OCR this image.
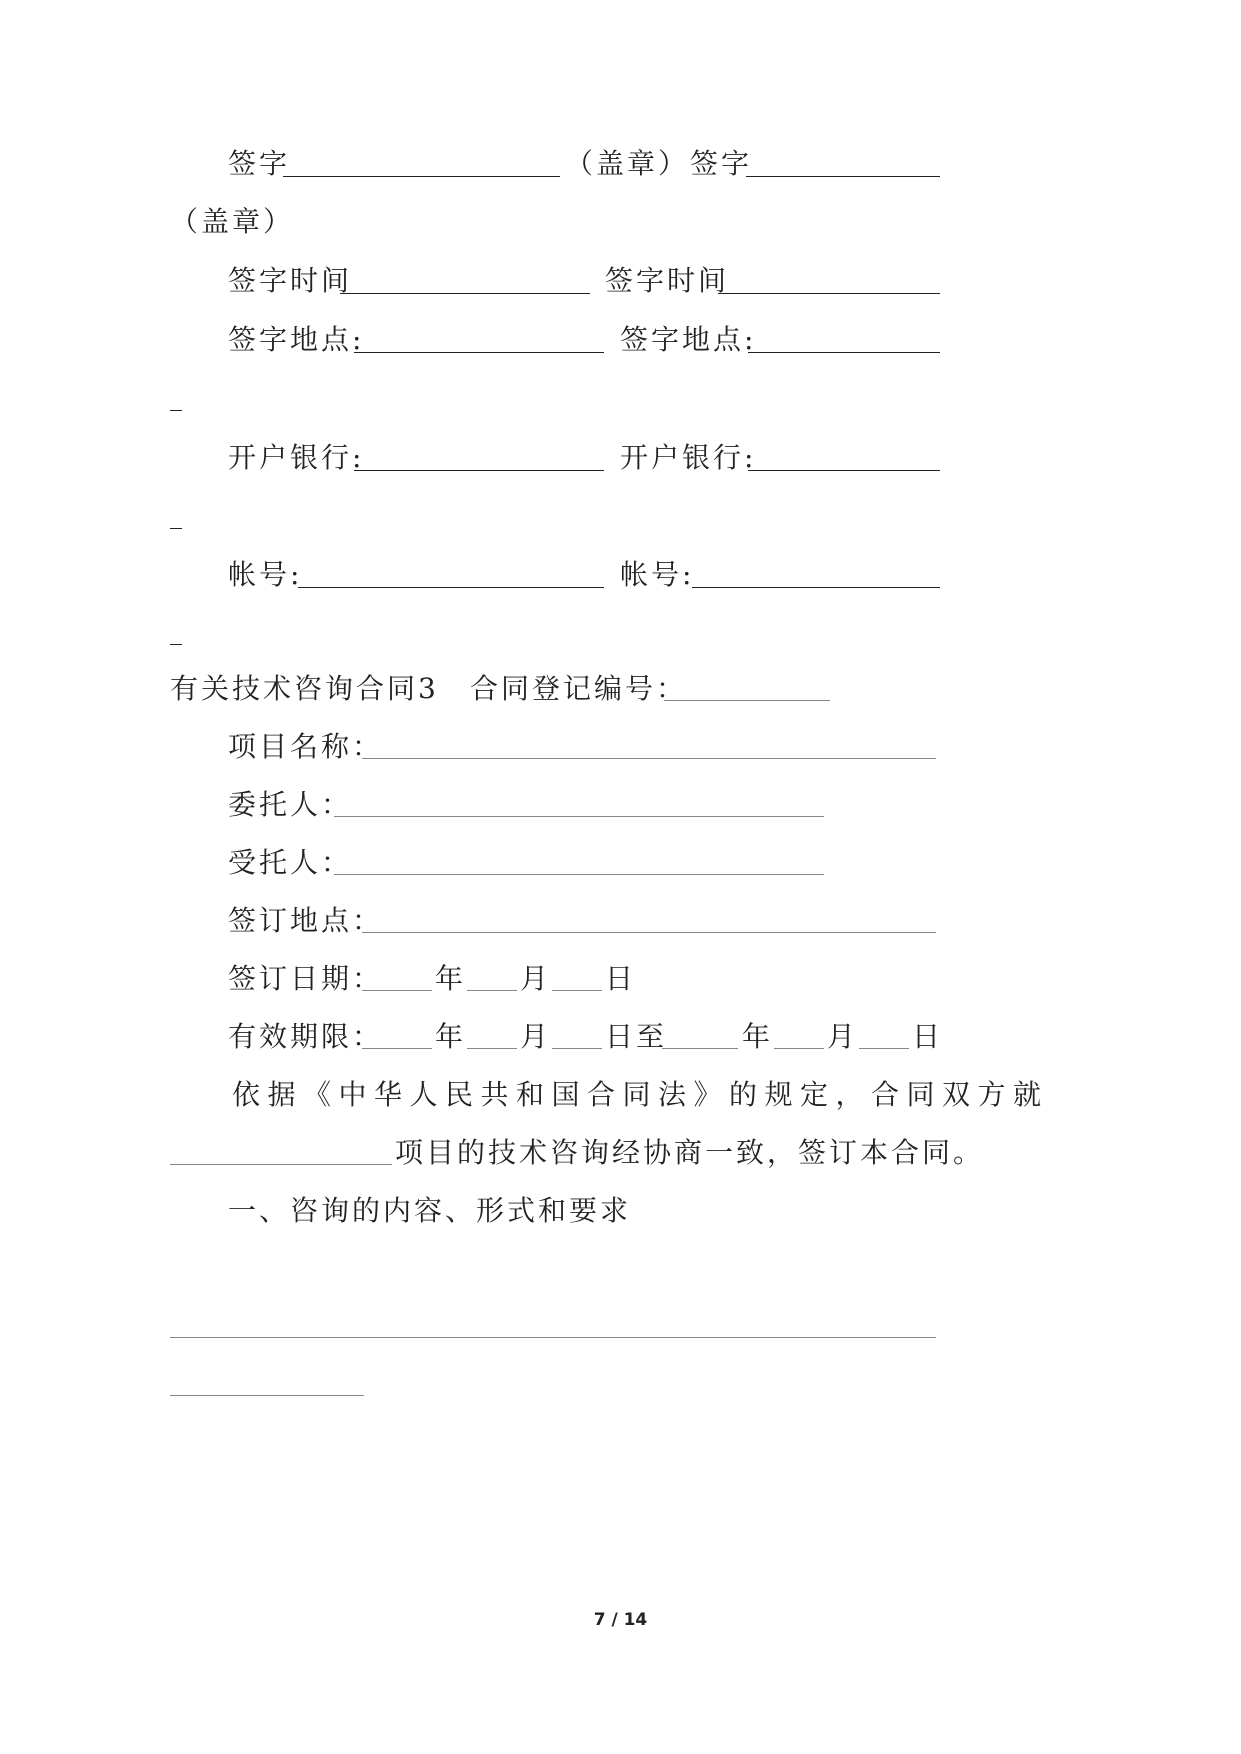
签字	（盖章） 签字
（盖章）
签字时间	签字时间
签字地点:	签字地点:
开户银行:	开户银行:
帐号:	帐号:
有关技术咨询合同3 合同登记编号：
项目名称：
委托人：
受托人：
签订地点：
签订日期： 年 月 日
有效期限： 年 月 日至	年 月 日
依据《中华人民共和国合同法》的规定，合同双方就
项目的技术咨询经协商一致，签订本合同。
一、咨询的内容、形式和要求
7 / 14
